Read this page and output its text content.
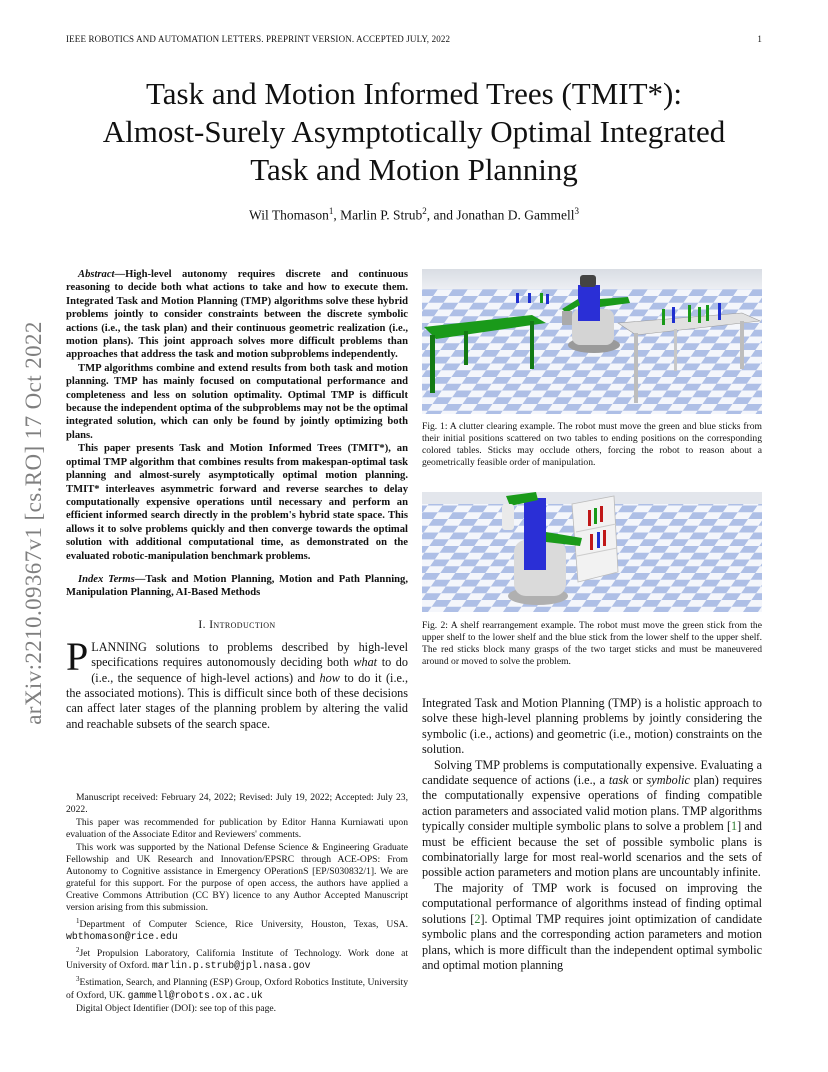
IEEE ROBOTICS AND AUTOMATION LETTERS. PREPRINT VERSION. ACCEPTED JULY, 2022	1
arXiv:2210.09367v1 [cs.RO] 17 Oct 2022
Task and Motion Informed Trees (TMIT*):
Almost-Surely Asymptotically Optimal Integrated
Task and Motion Planning
Wil Thomason$^1$, Marlin P. Strub$^2$, and Jonathan D. Gammell$^3$

Abstract—High-level autonomy requires discrete and continuous reasoning to decide both what actions to take and how to execute them. Integrated Task and Motion Planning (TMP) algorithms solve these hybrid problems jointly to consider constraints between the discrete symbolic actions (i.e., the task plan) and their continuous geometric realization (i.e., motion plans). This joint approach solves more difficult problems than approaches that address the task and motion subproblems independently.

TMP algorithms combine and extend results from both task and motion planning. TMP has mainly focused on computational performance and completeness and less on solution optimality. Optimal TMP is difficult because the independent optima of the subproblems may not be the optimal integrated solution, which can only be found by jointly optimizing both plans.

This paper presents Task and Motion Informed Trees (TMIT*), an optimal TMP algorithm that combines results from makespan-optimal task planning and almost-surely asymptotically optimal motion planning. TMIT* interleaves asymmetric forward and reverse searches to delay computationally expensive operations until necessary and perform an efficient informed search directly in the problem's hybrid state space. This allows it to solve problems quickly and then converge towards the optimal solution with additional computational time, as demonstrated on the evaluated robotic-manipulation benchmark problems.

Index Terms—Task and Motion Planning, Motion and Path Planning, Manipulation Planning, AI-Based Methods
I. Introduction

PLANNING solutions to problems described by high-level specifications requires autonomously deciding both what to do (i.e., the sequence of high-level actions) and how to do it (i.e., the associated motions). This is difficult since both of these decisions can affect later stages of the planning problem by altering the valid and reachable subsets of the search space.

Manuscript received: February 24, 2022; Revised: July 19, 2022; Accepted: July 23, 2022.

This paper was recommended for publication by Editor Hanna Kurniawati upon evaluation of the Associate Editor and Reviewers' comments.

This work was supported by the National Defense Science & Engineering Graduate Fellowship and UK Research and Innovation/EPSRC through ACE-OPS: From Autonomy to Cognitive assistance in Emergency OPerationS [EP/S030832/1]. We are grateful for this support. For the purpose of open access, the authors have applied a Creative Commons Attribution (CC BY) licence to any Author Accepted Manuscript version arising from this submission.

$^1$Department of Computer Science, Rice University, Houston, Texas, USA. wbthomason@rice.edu

$^2$Jet Propulsion Laboratory, California Institute of Technology. Work done at University of Oxford. marlin.p.strub@jpl.nasa.gov

$^3$Estimation, Search, and Planning (ESP) Group, Oxford Robotics Institute, University of Oxford, UK. gammell@robots.ox.ac.uk

Digital Object Identifier (DOI): see top of this page.

Fig. 1: A clutter clearing example. The robot must move the green and blue sticks from their initial positions scattered on two tables to ending positions on the corresponding colored tables. Sticks may occlude others, forcing the robot to reason about a geometrically feasible order of manipulation.
Fig. 2: A shelf rearrangement example. The robot must move the green stick from the upper shelf to the lower shelf and the blue stick from the lower shelf to the upper shelf. The red sticks block many grasps of the two target sticks and must be maneuvered around or moved to solve the problem.

Integrated Task and Motion Planning (TMP) is a holistic approach to solve these high-level planning problems by jointly considering the symbolic (i.e., actions) and geometric (i.e., motion) constraints on the solution.

Solving TMP problems is computationally expensive. Evaluating a candidate sequence of actions (i.e., a task or symbolic plan) requires the computationally expensive operations of finding compatible action parameters and associated valid motion plans. TMP algorithms typically consider multiple symbolic plans to solve a problem [1] and must be efficient because the set of possible symbolic plans is combinatorially large for most real-world scenarios and the sets of possible action parameters and motion plans are uncountably infinite.

The majority of TMP work is focused on improving the computational performance of algorithms instead of finding optimal solutions [2]. Optimal TMP requires joint optimization of candidate symbolic plans and the corresponding action parameters and motion plans, which is more difficult than the independent optimal symbolic and optimal motion planning
